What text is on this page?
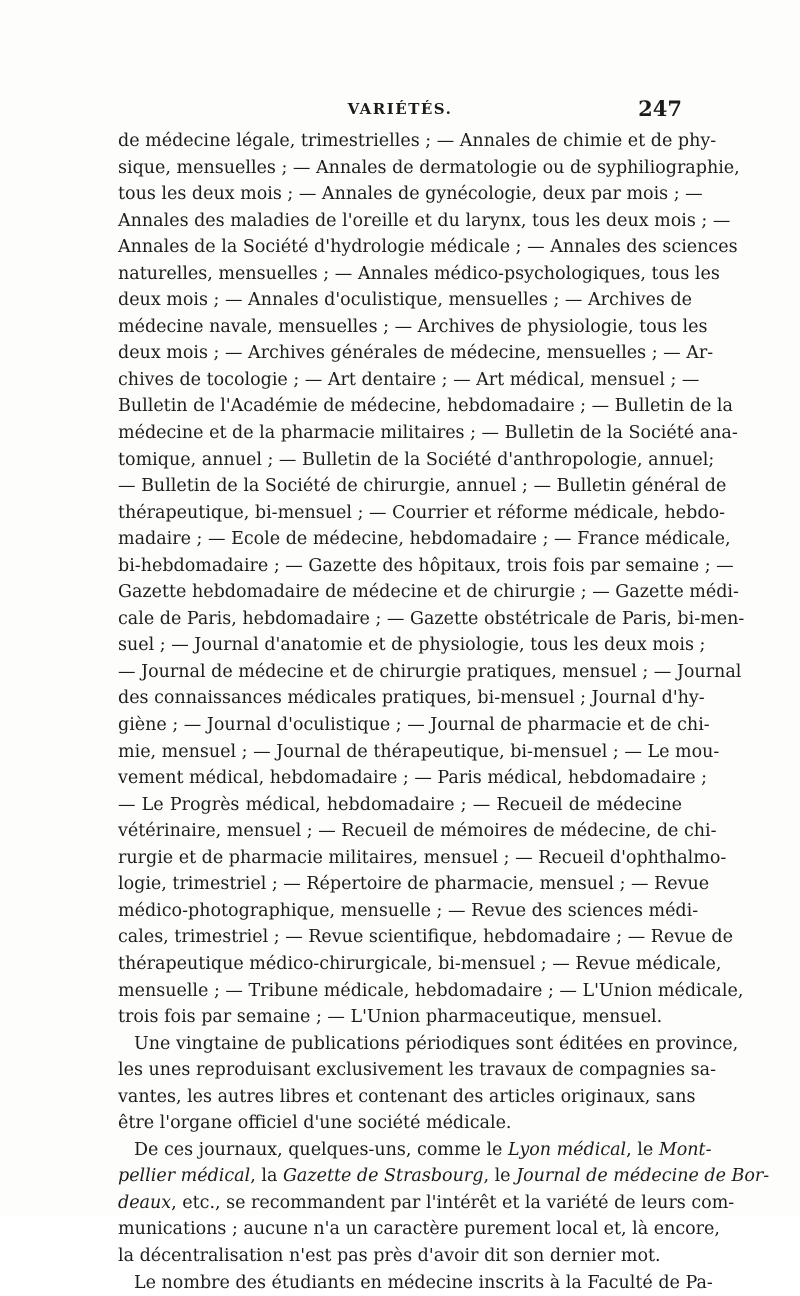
VARIÉTÉS.	247
de médecine légale, trimestrielles ; — Annales de chimie et de phy-
sique, mensuelles ; — Annales de dermatologie ou de syphiliographie,
tous les deux mois ; — Annales de gynécologie, deux par mois ; —
Annales des maladies de l'oreille et du larynx, tous les deux mois ; —
Annales de la Société d'hydrologie médicale ; — Annales des sciences
naturelles, mensuelles ; — Annales médico-psychologiques, tous les
deux mois ; — Annales d'oculistique, mensuelles ; — Archives de
médecine navale, mensuelles ; — Archives de physiologie, tous les
deux mois ; — Archives générales de médecine, mensuelles ; — Ar-
chives de tocologie ; — Art dentaire ; — Art médical, mensuel ; —
Bulletin de l'Académie de médecine, hebdomadaire ; — Bulletin de la
médecine et de la pharmacie militaires ; — Bulletin de la Société ana-
tomique, annuel ; — Bulletin de la Société d'anthropologie, annuel;
— Bulletin de la Société de chirurgie, annuel ; — Bulletin général de
thérapeutique, bi-mensuel ; — Courrier et réforme médicale, hebdo-
madaire ; — Ecole de médecine, hebdomadaire ; — France médicale,
bi-hebdomadaire ; — Gazette des hôpitaux, trois fois par semaine ; —
Gazette hebdomadaire de médecine et de chirurgie ; — Gazette médi-
cale de Paris, hebdomadaire ; — Gazette obstétricale de Paris, bi-men-
suel ; — Journal d'anatomie et de physiologie, tous les deux mois ;
— Journal de médecine et de chirurgie pratiques, mensuel ; — Journal
des connaissances médicales pratiques, bi-mensuel ; Journal d'hy-
giène ; — Journal d'oculistique ; — Journal de pharmacie et de chi-
mie, mensuel ; — Journal de thérapeutique, bi-mensuel ; — Le mou-
vement médical, hebdomadaire ; — Paris médical, hebdomadaire ;
— Le Progrès médical, hebdomadaire ; — Recueil de médecine
vétérinaire, mensuel ; — Recueil de mémoires de médecine, de chi-
rurgie et de pharmacie militaires, mensuel ; — Recueil d'ophthalmo-
logie, trimestriel ; — Répertoire de pharmacie, mensuel ; — Revue
médico-photographique, mensuelle ; — Revue des sciences médi-
cales, trimestriel ; — Revue scientifique, hebdomadaire ; — Revue de
thérapeutique médico-chirurgicale, bi-mensuel ; — Revue médicale,
mensuelle ; — Tribune médicale, hebdomadaire ; — L'Union médicale,
trois fois par semaine ; — L'Union pharmaceutique, mensuel.
Une vingtaine de publications périodiques sont éditées en province,
les unes reproduisant exclusivement les travaux de compagnies sa-
vantes, les autres libres et contenant des articles originaux, sans
être l'organe officiel d'une société médicale.
De ces journaux, quelques-uns, comme le Lyon médical, le Mont-
pellier médical, la Gazette de Strasbourg, le Journal de médecine de Bor-
deaux, etc., se recommandent par l'intérêt et la variété de leurs com-
munications ; aucune n'a un caractère purement local et, là encore,
la décentralisation n'est pas près d'avoir dit son dernier mot.
Le nombre des étudiants en médecine inscrits à la Faculté de Pa-
